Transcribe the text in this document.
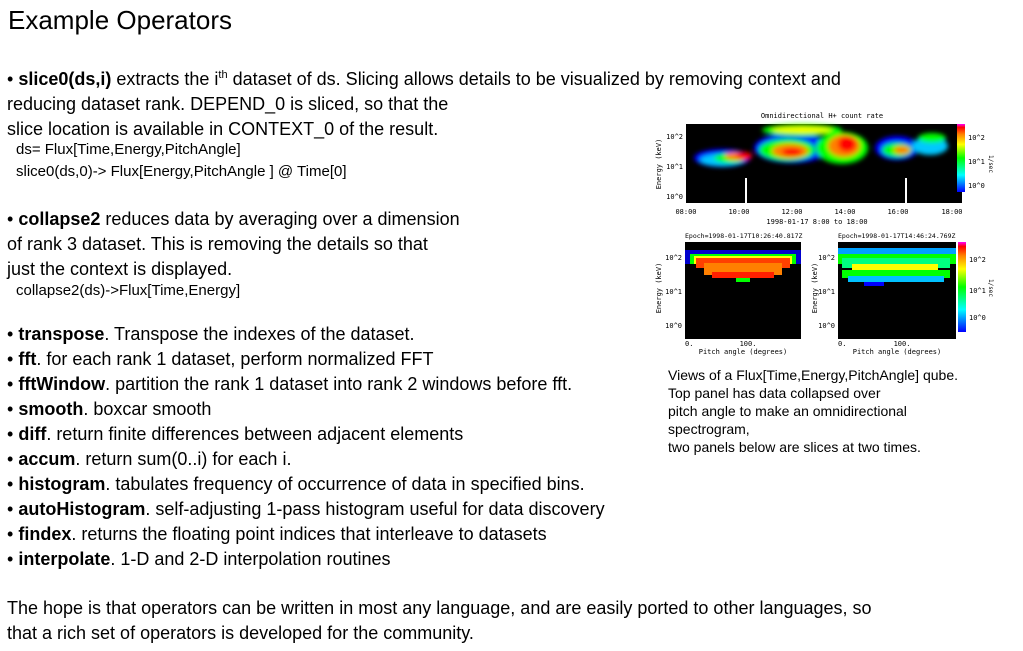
Example Operators
• slice0(ds,i) extracts the $i^{th}$ dataset of ds. Slicing allows details to be visualized by removing context and
reducing dataset rank. DEPEND_0 is sliced, so that the
slice location is available in CONTEXT_0 of the result.
ds= Flux[Time,Energy,PitchAngle]
slice0(ds,0)-> Flux[Energy,PitchAngle ] @ Time[0]
• collapse2 reduces data by averaging over a dimension
of rank 3 dataset. This is removing the details so that
just the context is displayed.
collapse2(ds)->Flux[Time,Energy]
• transpose. Transpose the indexes of the dataset.
• fft. for each rank 1 dataset, perform normalized FFT
• fftWindow. partition the rank 1 dataset into rank 2 windows before fft.
• smooth. boxcar smooth
• diff. return finite differences between adjacent elements
• accum. return sum(0..i) for each i.
• histogram. tabulates frequency of occurrence of data in specified bins.
• autoHistogram. self-adjusting 1-pass histogram useful for data discovery
• findex. returns the floating point indices that interleave to datasets
• interpolate. 1-D and 2-D interpolation routines
The hope is that operators can be written in most any language, and are easily ported to other languages, so
that a rich set of operators is developed for the community.
Omnidirectional H+ count rate
Energy (keV)
10^2
10^1
10^0
10^2
10^1
10^0
1/sec
08:00	10:00	12:00	14:00	16:00	18:00
1998-01-17 8:00 to 18:00
Epoch=1998-01-17T10:26:40.817Z
Energy (keV)
10^2
10^1
10^0
0.	100.
Pitch angle (degrees)
Epoch=1998-01-17T14:46:24.769Z
Energy (keV)
10^2
10^1
10^0
0.	100.
Pitch angle (degrees)
10^2
10^1
10^0
1/sec
Views of a Flux[Time,Energy,PitchAngle] qube.
Top panel has data collapsed over
pitch angle to make an omnidirectional
spectrogram,
two panels below are slices at two times.
